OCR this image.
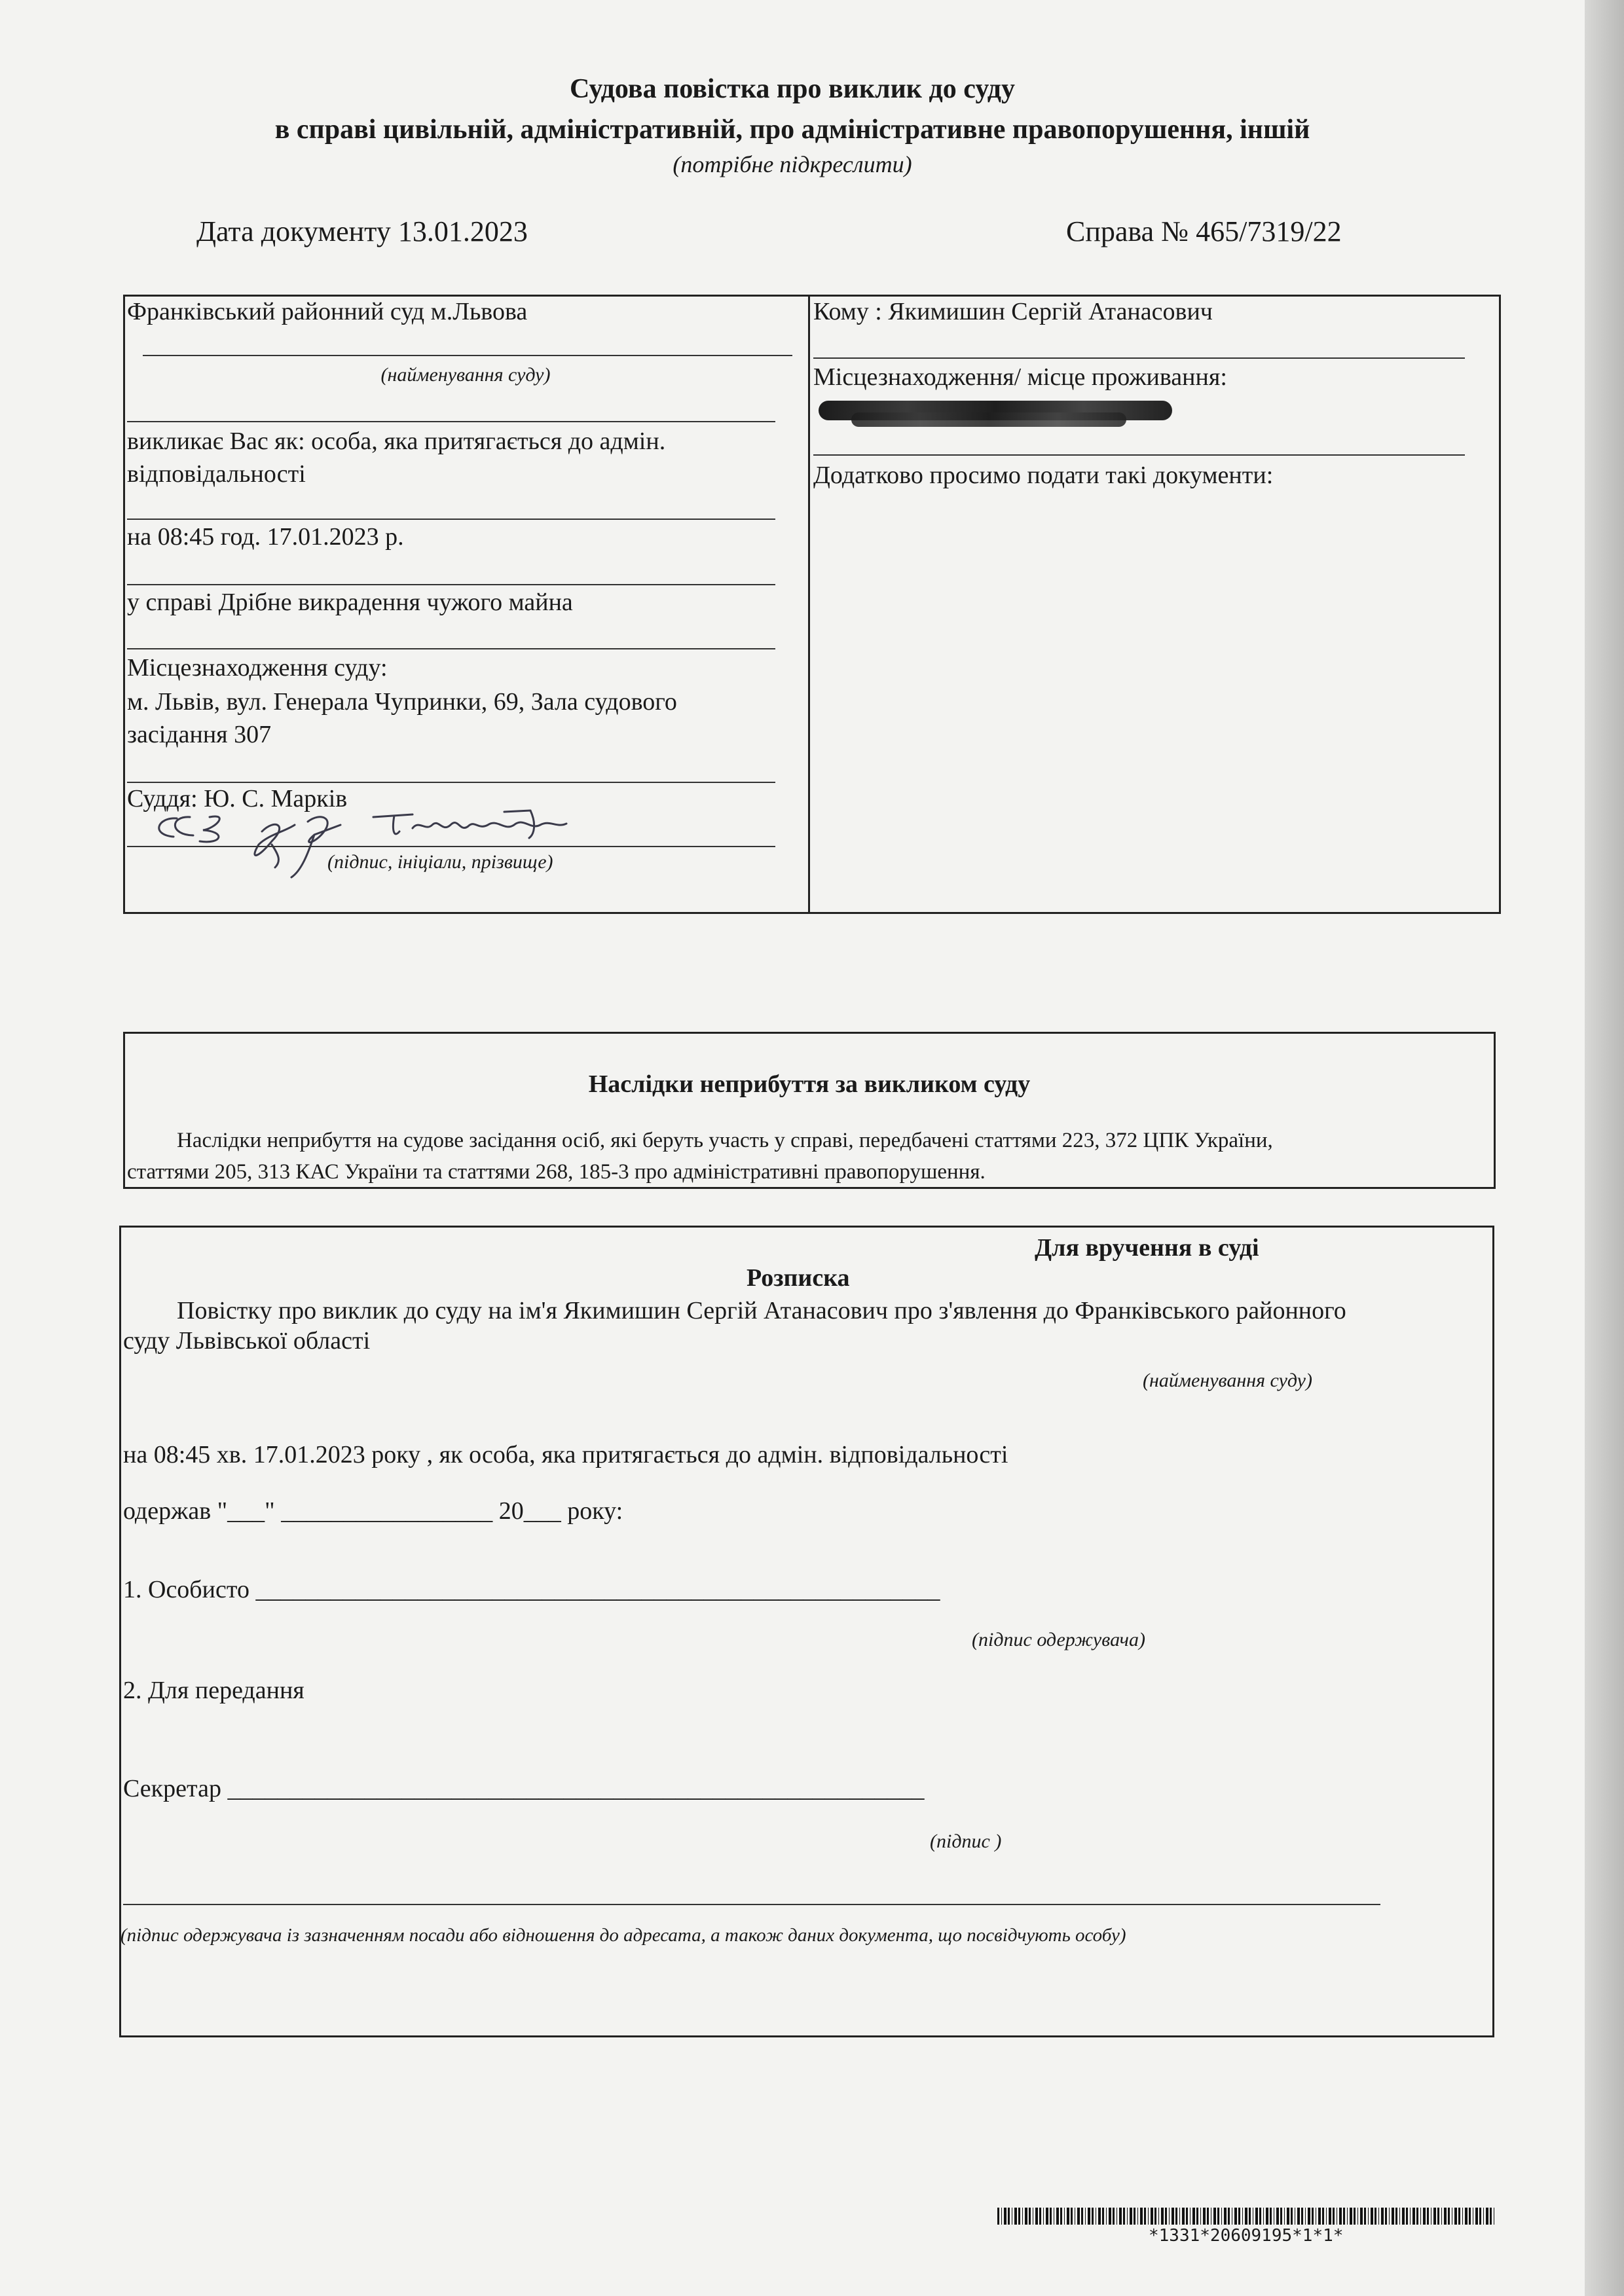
Судова повістка про виклик до суду
в справі цивільній, адміністративній, про адміністративне правопорушення, іншій
(потрібне підкреслити)
Дата документу 13.01.2023	Справа № 465/7319/22
Франківський районний суд м.Львова
(найменування суду)
викликає Вас як: особа, яка притягається до адмін.
відповідальності
на 08:45 год. 17.01.2023 р.
у справі Дрібне викрадення чужого майна
Місцезнаходження суду:
м. Львів, вул. Генерала Чупринки, 69, Зала судового
засідання 307
Суддя: Ю. С. Марків
(підпис, ініціали, прізвище)
Кому : Якимишин Сергій Атанасович
Місцезнаходження/ місце проживання:
Додатково просимо подати такі документи:
Наслідки неприбуття за викликом суду
Наслідки неприбуття на судове засідання осіб, які беруть участь у справі, передбачені статтями 223, 372 ЦПК України,
статтями 205, 313 КАС України та статтями 268, 185-3 про адміністративні правопорушення.
Для вручення в суді
Розписка
Повістку про виклик до суду на ім'я Якимишин Сергій Атанасович про з'явлення до Франківського районного
суду Львівської області
(найменування суду)
на 08:45 хв. 17.01.2023 року , як особа, яка притягається до адмін. відповідальності
одержав "___" _________________ 20___ року:
1. Особисто _______________________________________________________
(підпис одержувача)
2. Для передання
Секретар ________________________________________________________
(підпис )
(підпис одержувача із зазначенням посади або відношення до адресата, а також даних документа, що посвідчують особу)
*1331*20609195*1*1*
